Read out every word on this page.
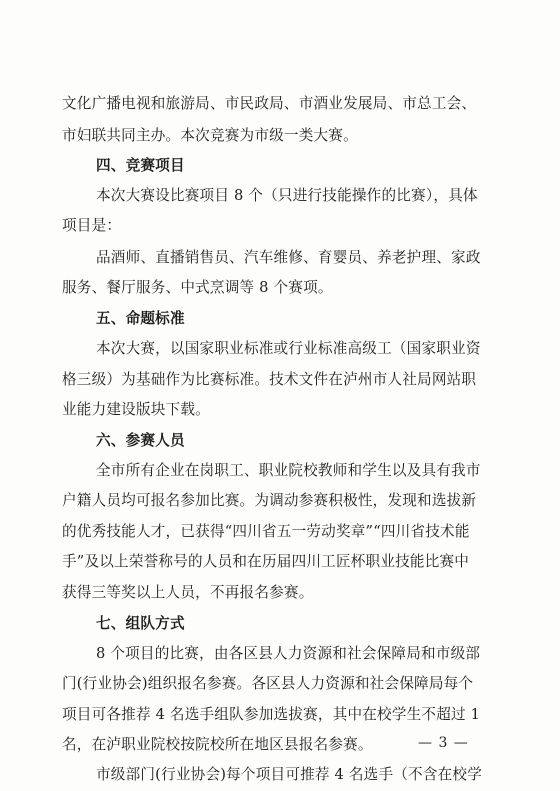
文化广播电视和旅游局、市民政局、市酒业发展局、市总工会、
市妇联共同主办。本次竞赛为市级一类大赛。
四、竞赛项目
本次大赛设比赛项目 8 个（只进行技能操作的比赛），具体
项目是：
品酒师、直播销售员、汽车维修、育婴员、养老护理、家政
服务、餐厅服务、中式烹调等 8 个赛项。
五、命题标准
本次大赛，以国家职业标准或行业标准高级工（国家职业资
格三级）为基础作为比赛标准。技术文件在泸州市人社局网站职
业能力建设版块下载。
六、参赛人员
全市所有企业在岗职工、职业院校教师和学生以及具有我市
户籍人员均可报名参加比赛。为调动参赛积极性，发现和选拔新
的优秀技能人才，已获得“四川省五一劳动奖章”“四川省技术能
手”及以上荣誉称号的人员和在历届四川工匠杯职业技能比赛中
获得三等奖以上人员，不再报名参赛。
七、组队方式
8 个项目的比赛，由各区县人力资源和社会保障局和市级部
门(行业协会)组织报名参赛。各区县人力资源和社会保障局每个
项目可各推荐 4 名选手组队参加选拔赛，其中在校学生不超过 1
名，在泸职业院校按院校所在地区县报名参赛。
市级部门(行业协会)每个项目可推荐 4 名选手（不含在校学
— 3 —
